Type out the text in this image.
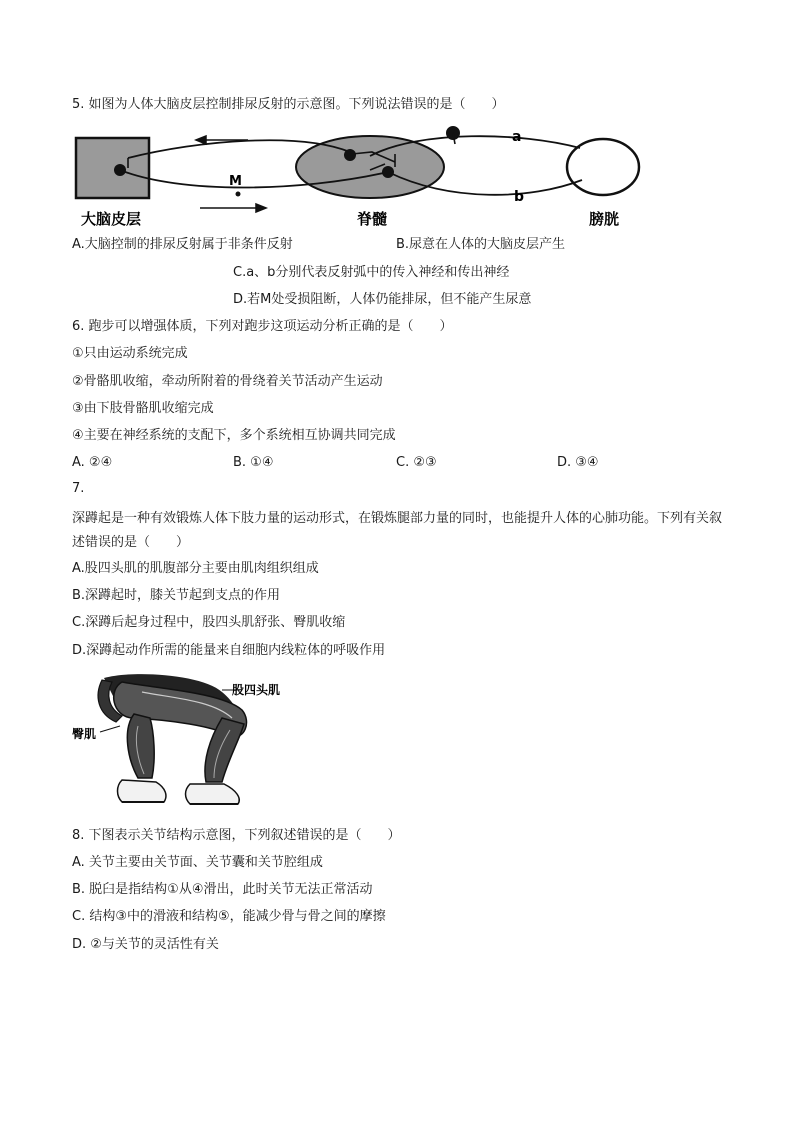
5. 如图为人体大脑皮层控制排尿反射的示意图。下列说法错误的是（　　）
M
a
b
大脑皮层	脊髓	膀胱
A.大脑控制的排尿反射属于非条件反射	B.尿意在人体的大脑皮层产生
C.a、b分别代表反射弧中的传入神经和传出神经
D.若M处受损阻断，人体仍能排尿，但不能产生尿意
6. 跑步可以增强体质，下列对跑步这项运动分析正确的是（　　）
①只由运动系统完成
②骨骼肌收缩，牵动所附着的骨绕着关节活动产生运动
③由下肢骨骼肌收缩完成
④主要在神经系统的支配下，多个系统相互协调共同完成
A. ②④	B. ①④	C. ②③	D. ③④
7.
深蹲起是一种有效锻炼人体下肢力量的运动形式，在锻炼腿部力量的同时，也能提升人体的心肺功能。下列有关叙述错误的是（　　）
A.股四头肌的肌腹部分主要由肌肉组织组成
B.深蹲起时，膝关节起到支点的作用
C.深蹲后起身过程中，股四头肌舒张、臀肌收缩
D.深蹲起动作所需的能量来自细胞内线粒体的呼吸作用
股四头肌
臀肌
8. 下图表示关节结构示意图，下列叙述错误的是（　　）
A. 关节主要由关节面、关节囊和关节腔组成
B. 脱臼是指结构①从④滑出，此时关节无法正常活动
C. 结构③中的滑液和结构⑤，能减少骨与骨之间的摩擦
D. ②与关节的灵活性有关
